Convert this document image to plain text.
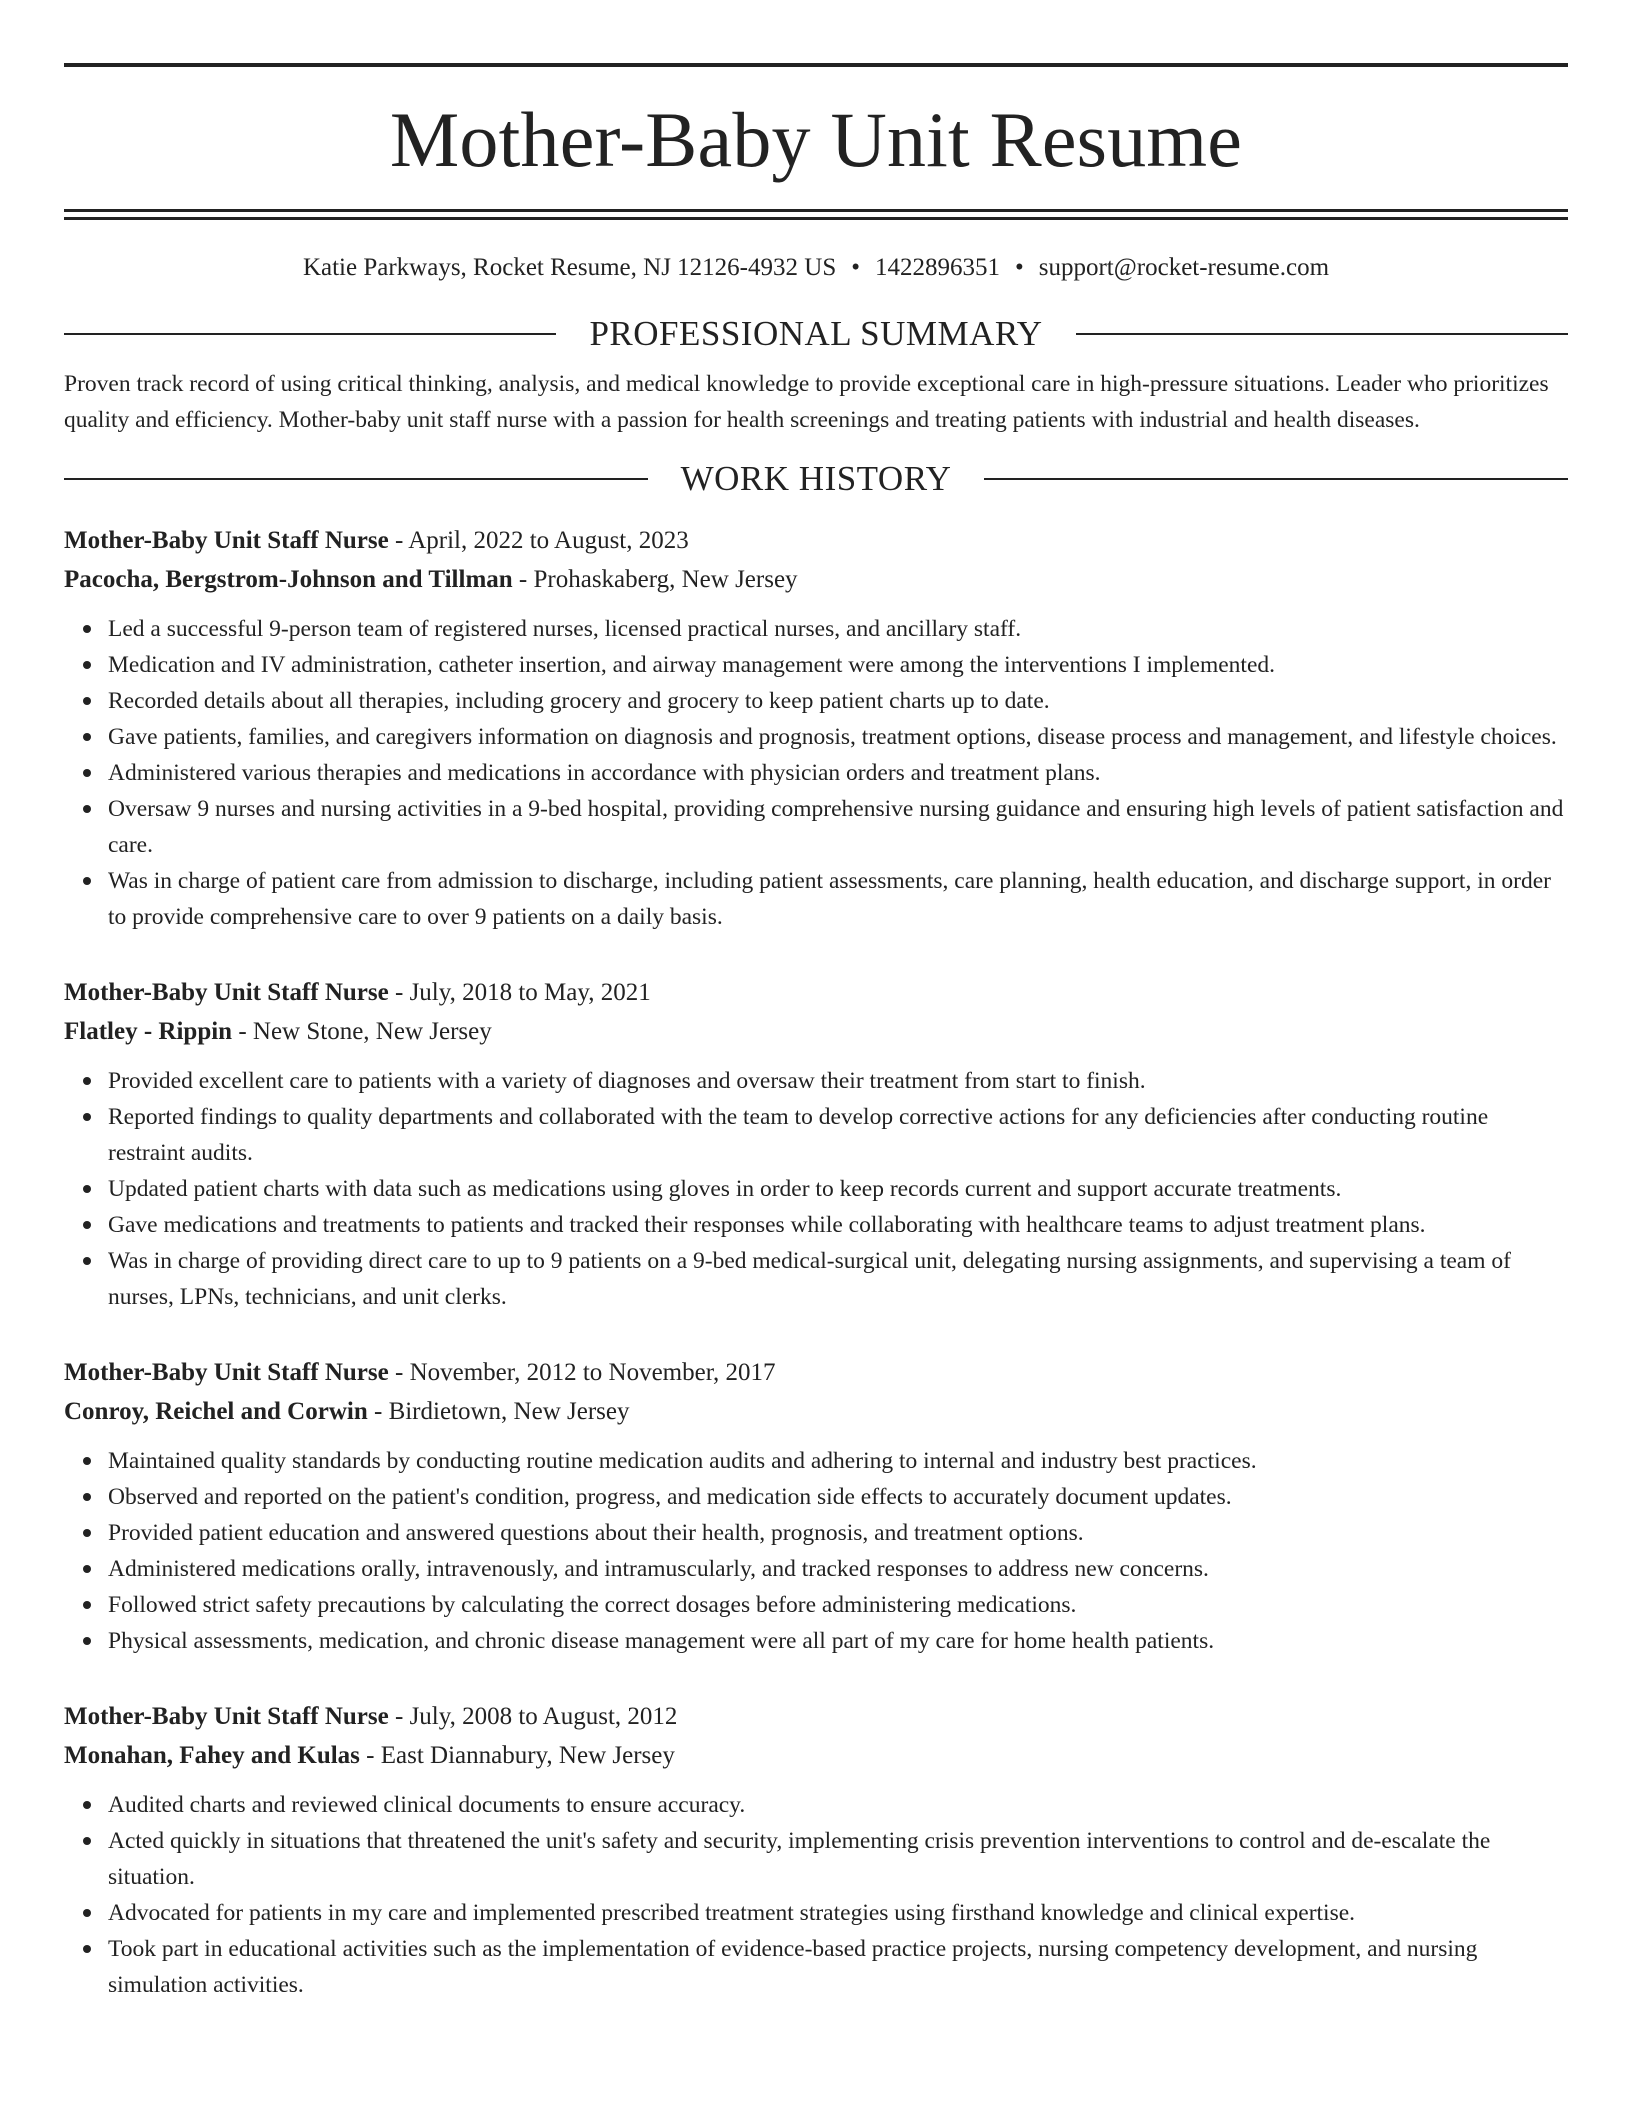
Mother-Baby Unit Resume
Katie Parkways, Rocket Resume, NJ 12126-4932 US • 1422896351 • support@rocket-resume.com
PROFESSIONAL SUMMARY
Proven track record of using critical thinking, analysis, and medical knowledge to provide exceptional care in high-pressure situations. Leader who prioritizes quality and efficiency. Mother-baby unit staff nurse with a passion for health screenings and treating patients with industrial and health diseases.
WORK HISTORY
Mother-Baby Unit Staff Nurse - April, 2022 to August, 2023
Pacocha, Bergstrom-Johnson and Tillman - Prohaskaberg, New Jersey
Led a successful 9-person team of registered nurses, licensed practical nurses, and ancillary staff.
Medication and IV administration, catheter insertion, and airway management were among the interventions I implemented.
Recorded details about all therapies, including grocery and grocery to keep patient charts up to date.
Gave patients, families, and caregivers information on diagnosis and prognosis, treatment options, disease process and management, and lifestyle choices.
Administered various therapies and medications in accordance with physician orders and treatment plans.
Oversaw 9 nurses and nursing activities in a 9-bed hospital, providing comprehensive nursing guidance and ensuring high levels of patient satisfaction and care.
Was in charge of patient care from admission to discharge, including patient assessments, care planning, health education, and discharge support, in order to provide comprehensive care to over 9 patients on a daily basis.
Mother-Baby Unit Staff Nurse - July, 2018 to May, 2021
Flatley - Rippin - New Stone, New Jersey
Provided excellent care to patients with a variety of diagnoses and oversaw their treatment from start to finish.
Reported findings to quality departments and collaborated with the team to develop corrective actions for any deficiencies after conducting routine restraint audits.
Updated patient charts with data such as medications using gloves in order to keep records current and support accurate treatments.
Gave medications and treatments to patients and tracked their responses while collaborating with healthcare teams to adjust treatment plans.
Was in charge of providing direct care to up to 9 patients on a 9-bed medical-surgical unit, delegating nursing assignments, and supervising a team of nurses, LPNs, technicians, and unit clerks.
Mother-Baby Unit Staff Nurse - November, 2012 to November, 2017
Conroy, Reichel and Corwin - Birdietown, New Jersey
Maintained quality standards by conducting routine medication audits and adhering to internal and industry best practices.
Observed and reported on the patient's condition, progress, and medication side effects to accurately document updates.
Provided patient education and answered questions about their health, prognosis, and treatment options.
Administered medications orally, intravenously, and intramuscularly, and tracked responses to address new concerns.
Followed strict safety precautions by calculating the correct dosages before administering medications.
Physical assessments, medication, and chronic disease management were all part of my care for home health patients.
Mother-Baby Unit Staff Nurse - July, 2008 to August, 2012
Monahan, Fahey and Kulas - East Diannabury, New Jersey
Audited charts and reviewed clinical documents to ensure accuracy.
Acted quickly in situations that threatened the unit's safety and security, implementing crisis prevention interventions to control and de-escalate the situation.
Advocated for patients in my care and implemented prescribed treatment strategies using firsthand knowledge and clinical expertise.
Took part in educational activities such as the implementation of evidence-based practice projects, nursing competency development, and nursing simulation activities.
